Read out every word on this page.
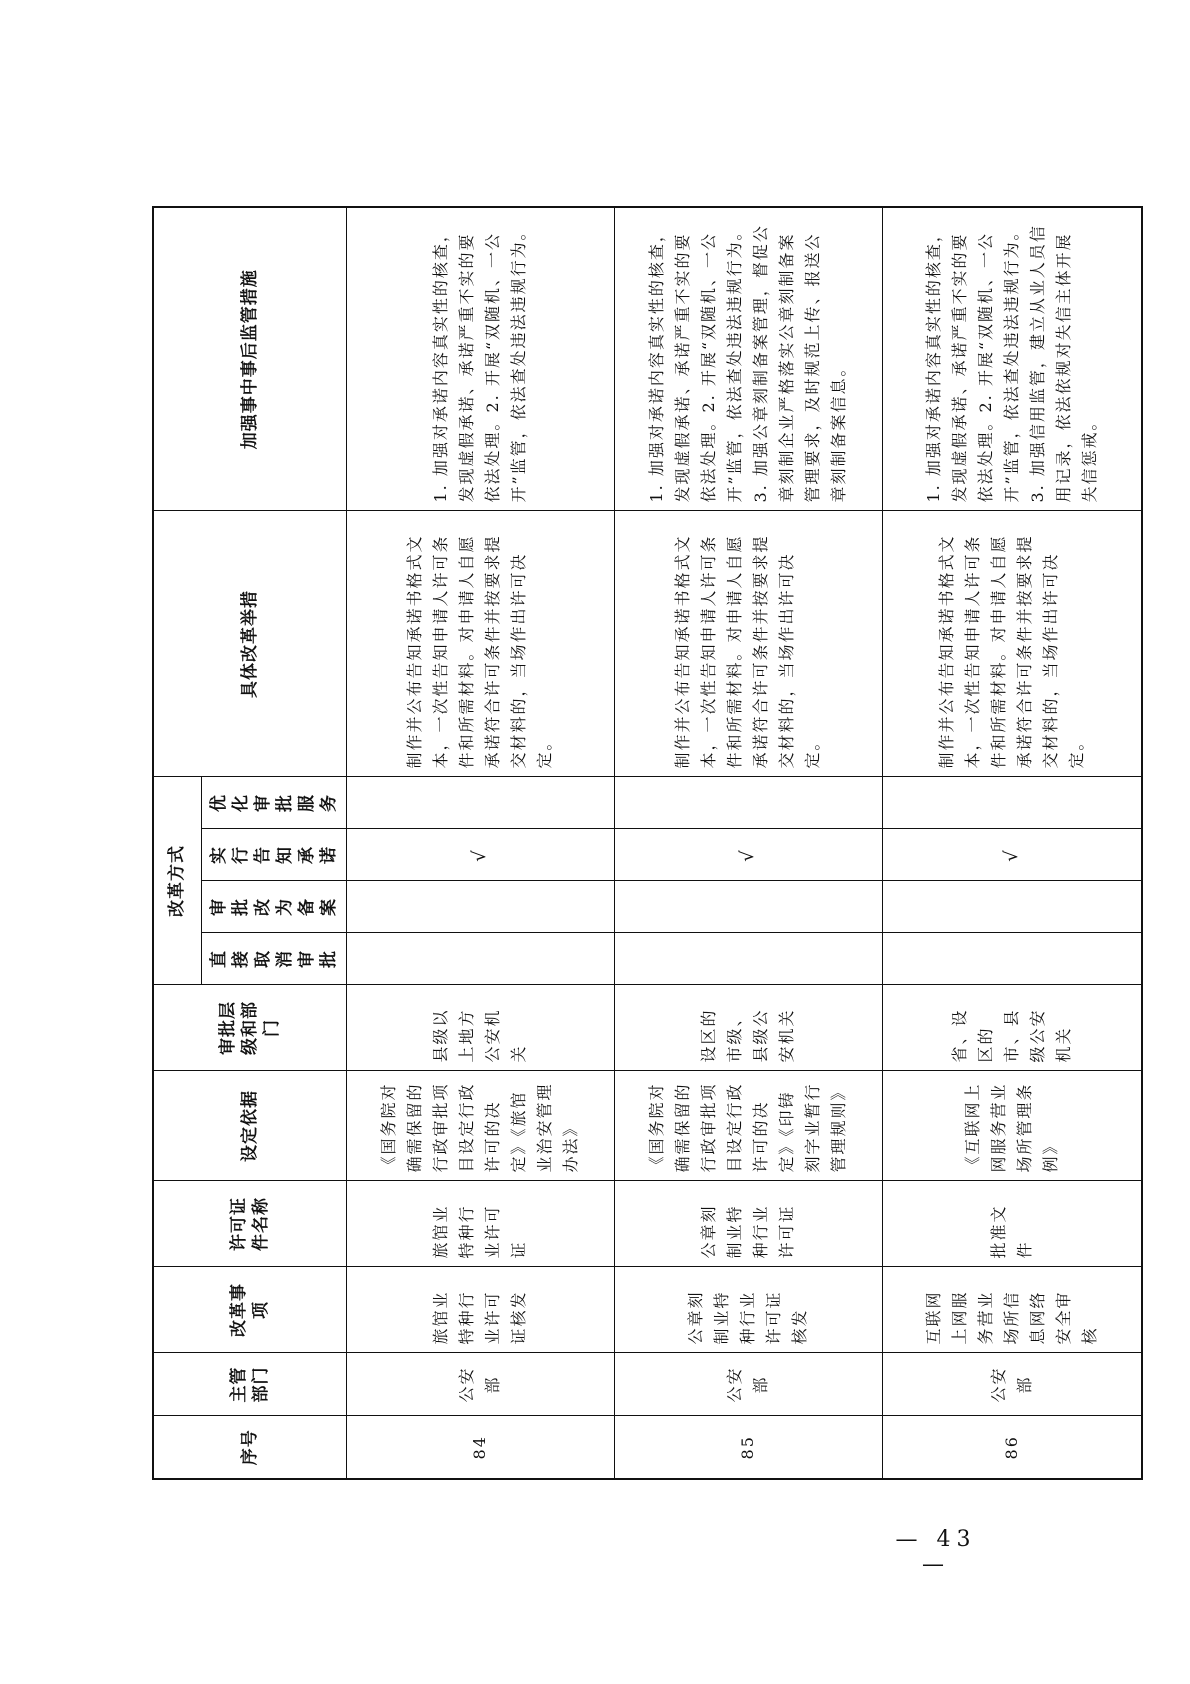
序号	主管部门	改革事项	许可证件名称	设定依据	审批层级和部门	改革方式				具体改革举措	加强事中事后监管措施
						直接取消审批	审批改为备案	实行告知承诺	优化审批服务		
84	公安部	旅馆业特种行业许可证核发	旅馆业特种行业许可证	《国务院对确需保留的行政审批项目设定行政许可的决定》《旅馆业治安管理办法》	县级以上地方公安机关			√		制作并公布告知承诺书格式文本，一次性告知申请人许可条件和所需材料。对申请人自愿承诺符合许可条件并按要求提交材料的，当场作出许可决定。	1. 加强对承诺内容真实性的核查，发现虚假承诺、承诺严重不实的要依法处理。2. 开展“双随机、一公开”监管，依法查处违法违规行为。
85	公安部	公章刻制业特种行业许可证核发	公章刻制业特种行业许可证	《国务院对确需保留的行政审批项目设定行政许可的决定》《印铸刻字业暂行管理规则》	设区的市级、县级公安机关			√		制作并公布告知承诺书格式文本，一次性告知申请人许可条件和所需材料。对申请人自愿承诺符合许可条件并按要求提交材料的，当场作出许可决定。	1. 加强对承诺内容真实性的核查，发现虚假承诺、承诺严重不实的要依法处理。2. 开展“双随机、一公开”监管，依法查处违法违规行为。3. 加强公章刻制备案管理，督促公章刻制企业严格落实公章刻制备案管理要求，及时规范上传、报送公章刻制备案信息。
86	公安部	互联网上网服务营业场所信息网络安全审核	批准文件	《互联网上网服务营业场所管理条例》	省、设区的市、县级公安机关			√		制作并公布告知承诺书格式文本，一次性告知申请人许可条件和所需材料。对申请人自愿承诺符合许可条件并按要求提交材料的，当场作出许可决定。	1. 加强对承诺内容真实性的核查，发现虚假承诺、承诺严重不实的要依法处理。2. 开展“双随机、一公开”监管，依法查处违法违规行为。3. 加强信用监管，建立从业人员信用记录，依法依规对失信主体开展失信惩戒。
— 43 —
